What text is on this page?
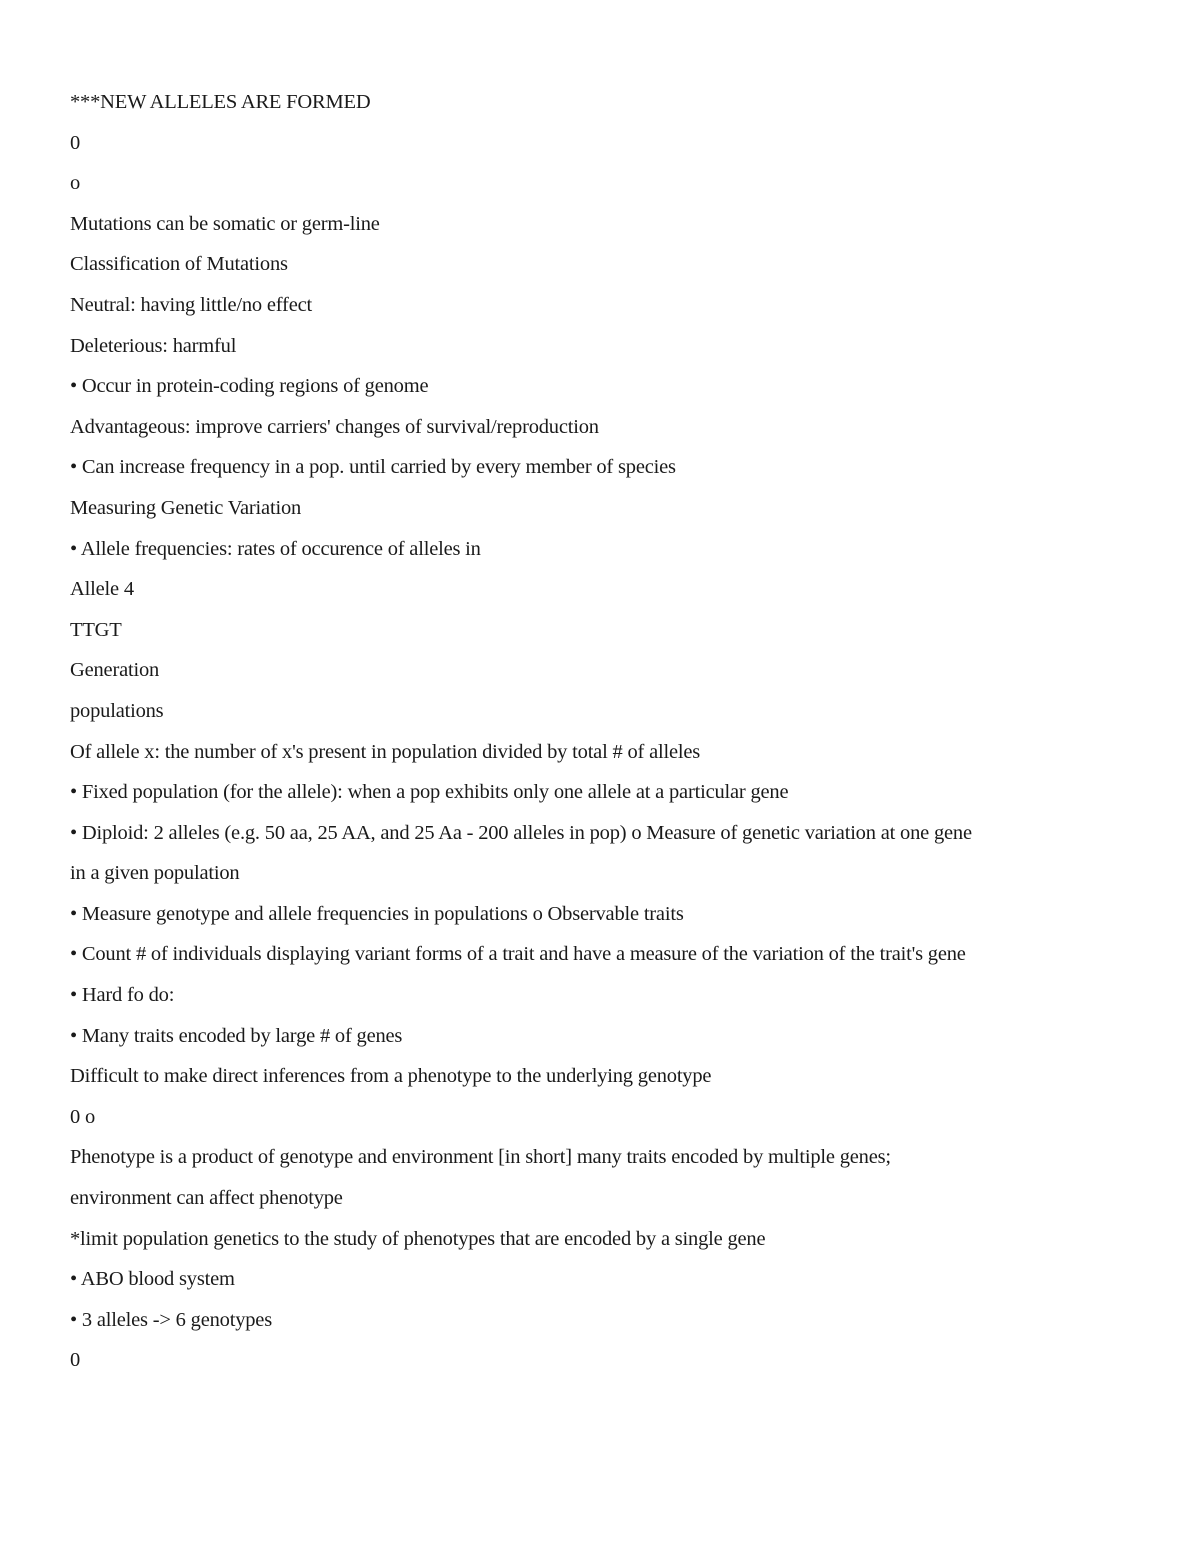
***NEW ALLELES ARE FORMED
0
o
Mutations can be somatic or germ-line
Classification of Mutations
Neutral: having little/no effect
Deleterious: harmful
• Occur in protein-coding regions of genome
Advantageous: improve carriers' changes of survival/reproduction
• Can increase frequency in a pop. until carried by every member of species
Measuring Genetic Variation
• Allele frequencies: rates of occurence of alleles in
Allele 4
TTGT
Generation
populations
Of allele x: the number of x's present in population divided by total # of alleles
• Fixed population (for the allele): when a pop exhibits only one allele at a particular gene
• Diploid: 2 alleles (e.g. 50 aa, 25 AA, and 25 Aa - 200 alleles in pop) o Measure of genetic variation at one gene
in a given population
• Measure genotype and allele frequencies in populations o Observable traits
• Count # of individuals displaying variant forms of a trait and have a measure of the variation of the trait's gene
• Hard fo do:
• Many traits encoded by large # of genes
Difficult to make direct inferences from a phenotype to the underlying genotype
0 o
Phenotype is a product of genotype and environment [in short] many traits encoded by multiple genes;
environment can affect phenotype
*limit population genetics to the study of phenotypes that are encoded by a single gene
• ABO blood system
• 3 alleles -> 6 genotypes
0
